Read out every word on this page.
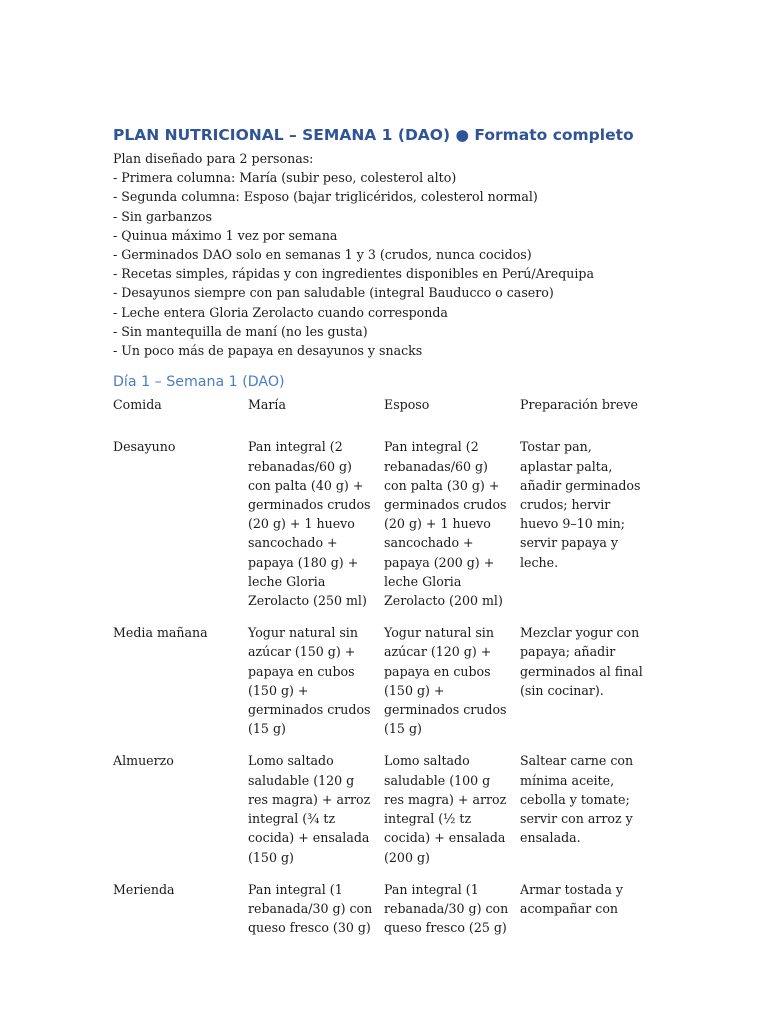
PLAN NUTRICIONAL – SEMANA 1 (DAO) ● Formato completo
Plan diseñado para 2 personas:
- Primera columna: María (subir peso, colesterol alto)
- Segunda columna: Esposo (bajar triglicéridos, colesterol normal)
- Sin garbanzos
- Quinua máximo 1 vez por semana
- Germinados DAO solo en semanas 1 y 3 (crudos, nunca cocidos)
- Recetas simples, rápidas y con ingredientes disponibles en Perú/Arequipa
- Desayunos siempre con pan saludable (integral Bauducco o casero)
- Leche entera Gloria Zerolacto cuando corresponda
- Sin mantequilla de maní (no les gusta)
- Un poco más de papaya en desayunos y snacks
Día 1 – Semana 1 (DAO)
Comida	María	Esposo	Preparación breve
Desayuno	Pan integral (2 rebanadas/60 g) con palta (40 g) + germinados crudos (20 g) + 1 huevo sancochado + papaya (180 g) + leche Gloria Zerolacto (250 ml)	Pan integral (2 rebanadas/60 g) con palta (30 g) + germinados crudos (20 g) + 1 huevo sancochado + papaya (200 g) + leche Gloria Zerolacto (200 ml)	Tostar pan, aplastar palta, añadir germinados crudos; hervir huevo 9–10 min; servir papaya y leche.
Media mañana	Yogur natural sin azúcar (150 g) + papaya en cubos (150 g) + germinados crudos (15 g)	Yogur natural sin azúcar (120 g) + papaya en cubos (150 g) + germinados crudos (15 g)	Mezclar yogur con papaya; añadir germinados al final (sin cocinar).
Almuerzo	Lomo saltado saludable (120 g res magra) + arroz integral (¾ tz cocida) + ensalada (150 g)	Lomo saltado saludable (100 g res magra) + arroz integral (½ tz cocida) + ensalada (200 g)	Saltear carne con mínima aceite, cebolla y tomate; servir con arroz y ensalada.
Merienda	Pan integral (1 rebanada/30 g) con queso fresco (30 g)	Pan integral (1 rebanada/30 g) con queso fresco (25 g)	Armar tostada y acompañar con
